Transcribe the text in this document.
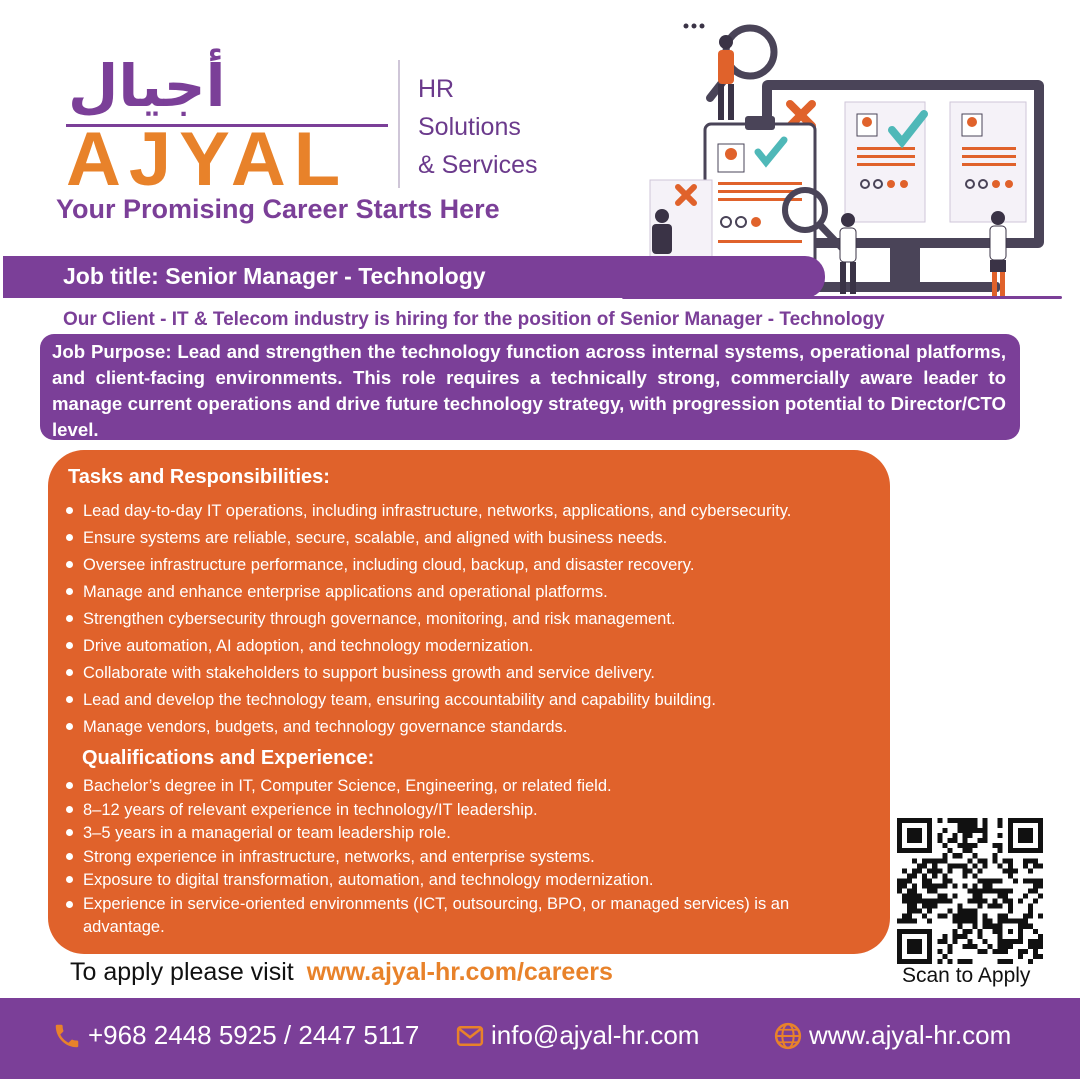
أجيال
AJYAL
HR
Solutions
& Services
Your Promising Career Starts Here
Job title: Senior Manager - Technology
Our Client - IT & Telecom industry is hiring for the position of Senior Manager - Technology
Job Purpose: Lead and strengthen the technology function across internal systems, operational platforms, and client-facing environments. This role requires a technically strong, commercially aware leader to manage current operations and drive future technology strategy, with progression potential to Director/CTO level.
Tasks and Responsibilities:
Lead day-to-day IT operations, including infrastructure, networks, applications, and cybersecurity.
Ensure systems are reliable, secure, scalable, and aligned with business needs.
Oversee infrastructure performance, including cloud, backup, and disaster recovery.
Manage and enhance enterprise applications and operational platforms.
Strengthen cybersecurity through governance, monitoring, and risk management.
Drive automation, AI adoption, and technology modernization.
Collaborate with stakeholders to support business growth and service delivery.
Lead and develop the technology team, ensuring accountability and capability building.
Manage vendors, budgets, and technology governance standards.
Qualifications and Experience:
Bachelor’s degree in IT, Computer Science, Engineering, or related field.
8–12 years of relevant experience in technology/IT leadership.
3–5 years in a managerial or team leadership role.
Strong experience in infrastructure, networks, and enterprise systems.
Exposure to digital transformation, automation, and technology modernization.
Experience in service-oriented environments (ICT, outsourcing, BPO, or managed services) is an advantage.
To apply please visit www.ajyal-hr.com/careers	Scan to Apply
+968 2448 5925 / 2447 5117	info@ajyal-hr.com	www.ajyal-hr.com
